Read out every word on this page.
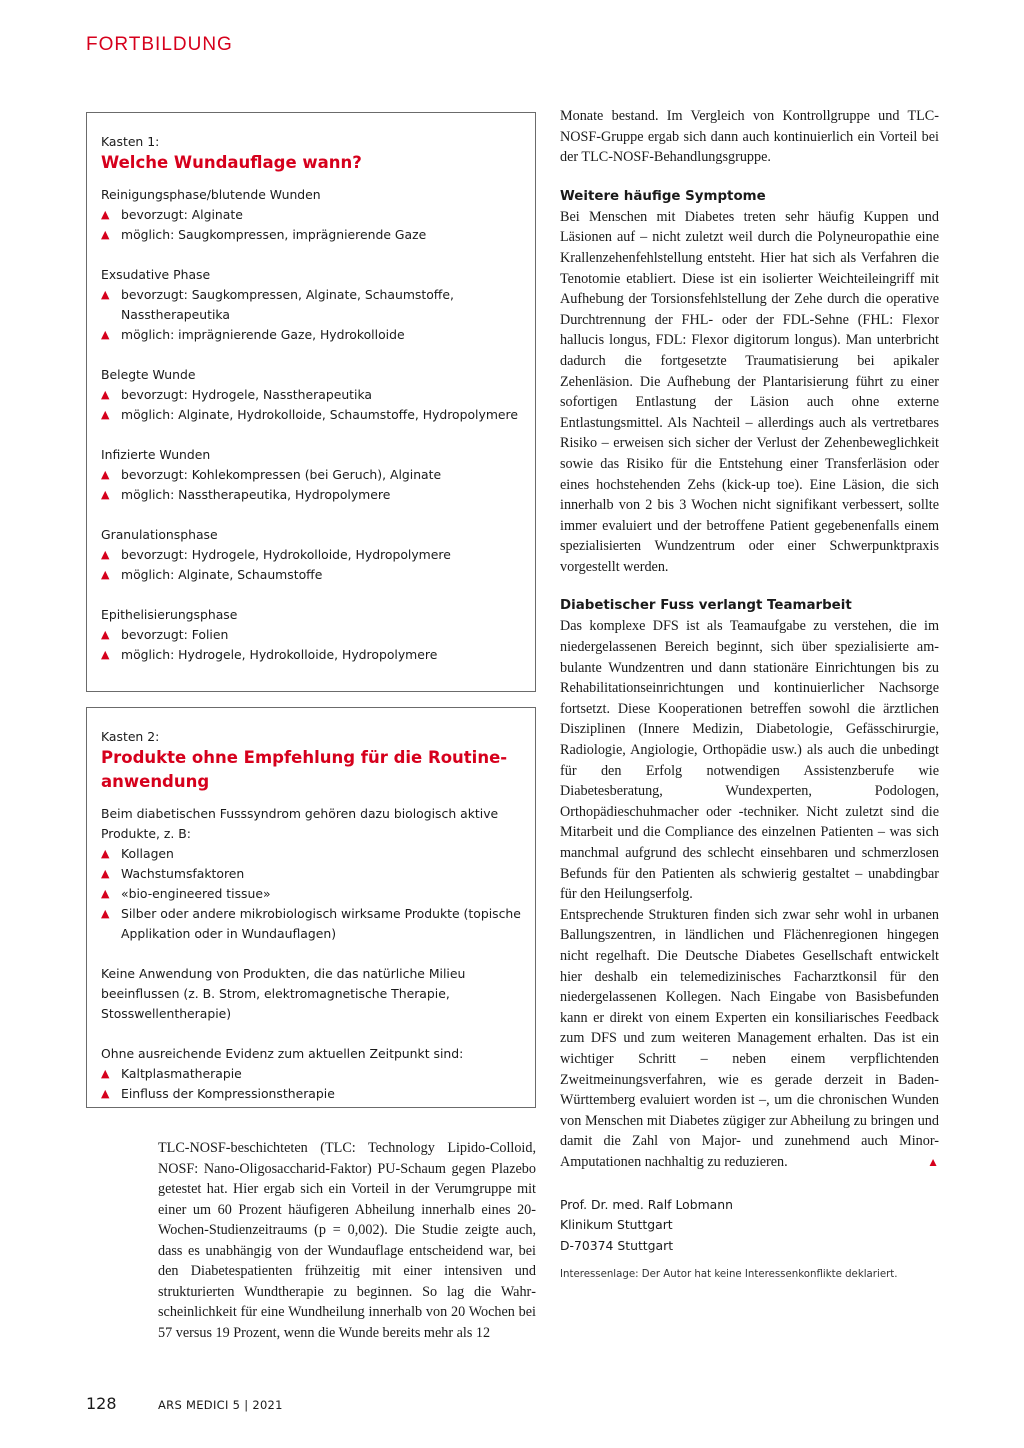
FORTBILDUNG
Kasten 1:
Welche Wundauflage wann?
Reinigungsphase/blutende Wunden
▲ bevorzugt: Alginate
▲ möglich: Saugkompressen, imprägnierende Gaze
Exsudative Phase
▲ bevorzugt: Saugkompressen, Alginate, Schaumstoffe, Nasstherapeutika
▲ möglich: imprägnierende Gaze, Hydrokolloide
Belegte Wunde
▲ bevorzugt: Hydrogele, Nasstherapeutika
▲ möglich: Alginate, Hydrokolloide, Schaumstoffe, Hydropolymere
Infizierte Wunden
▲ bevorzugt: Kohlekompressen (bei Geruch), Alginate
▲ möglich: Nasstherapeutika, Hydropolymere
Granulationsphase
▲ bevorzugt: Hydrogele, Hydrokolloide, Hydropolymere
▲ möglich: Alginate, Schaumstoffe
Epithelisierungsphase
▲ bevorzugt: Folien
▲ möglich: Hydrogele, Hydrokolloide, Hydropolymere
Kasten 2:
Produkte ohne Empfehlung für die Routineanwendung
Beim diabetischen Fusssyndrom gehören dazu biologisch aktive Produkte, z. B:
▲ Kollagen
▲ Wachstumsfaktoren
▲ «bio-engineered tissue»
▲ Silber oder andere mikrobiologisch wirksame Produkte (topische Applikation oder in Wundauflagen)
Keine Anwendung von Produkten, die das natürliche Milieu beeinflussen (z. B. Strom, elektromagnetische Therapie, Stosswellentherapie)
Ohne ausreichende Evidenz zum aktuellen Zeitpunkt sind:
▲ Kaltplasmatherapie
▲ Einfluss der Kompressionstherapie
TLC-NOSF-beschichteten (TLC: Technology Lipido-Colloid, NOSF: Nano-Oligosaccharid-Faktor) PU-Schaum gegen Plazebo getestet hat. Hier ergab sich ein Vorteil in der Verumgruppe mit einer um 60 Prozent häufigeren Abheilung innerhalb eines 20-Wochen-Studienzeitraums (p = 0,002). Die Studie zeigte auch, dass es unabhängig von der Wundauflage entscheidend war, bei den Diabetespatienten frühzeitig mit einer intensiven und strukturierten Wundtherapie zu beginnen. So lag die Wahrscheinlichkeit für eine Wundheilung innerhalb von 20 Wochen bei 57 versus 19 Prozent, wenn die Wunde bereits mehr als 12

Monate bestand. Im Vergleich von Kontrollgruppe und TLC-NOSF-Gruppe ergab sich dann auch kontinuierlich ein Vorteil bei der TLC-NOSF-Behandlungsgruppe.

Weitere häufige Symptome

Bei Menschen mit Diabetes treten sehr häufig Kuppen und Läsionen auf – nicht zuletzt weil durch die Polyneuropathie eine Krallenzehenfehlstellung entsteht. Hier hat sich als Verfahren die Tenotomie etabliert. Diese ist ein isolierter Weichteileingriff mit Aufhebung der Torsionsfehlstellung der Zehe durch die operative Durchtrennung der FHL- oder der FDL-Sehne (FHL: Flexor hallucis longus, FDL: Flexor digitorum longus). Man unterbricht dadurch die fortgesetzte Traumatisierung bei apikaler Zehenläsion. Die Aufhebung der Plantarisierung führt zu einer sofortigen Entlastung der Läsion auch ohne externe Entlastungsmittel. Als Nachteil – allerdings auch als vertretbares Risiko – erweisen sich sicher der Verlust der Zehenbeweglichkeit sowie das Risiko für die Entstehung einer Transferläsion oder eines hochstehenden Zehs (kick-up toe). Eine Läsion, die sich innerhalb von 2 bis 3 Wochen nicht signifikant verbessert, sollte immer evaluiert und der betroffene Patient gegebenenfalls einem spezialisierten Wundzentrum oder einer Schwerpunktpraxis vorgestellt werden.

Diabetischer Fuss verlangt Teamarbeit

Das komplexe DFS ist als Teamaufgabe zu verstehen, die im niedergelassenen Bereich beginnt, sich über spezialisierte ambulante Wundzentren und dann stationäre Einrichtungen bis zu Rehabilitationseinrichtungen und kontinuierlicher Nachsorge fortsetzt. Diese Kooperationen betreffen sowohl die ärztlichen Disziplinen (Innere Medizin, Diabetologie, Gefässchirurgie, Radiologie, Angiologie, Orthopädie usw.) als auch die unbedingt für den Erfolg notwendigen Assistenzberufe wie Diabetesberatung, Wundexperten, Podologen, Orthopädieschuhmacher oder -techniker. Nicht zuletzt sind die Mitarbeit und die Compliance des einzelnen Patienten – was sich manchmal aufgrund des schlecht einsehbaren und schmerzlosen Befunds für den Patienten als schwierig gestaltet – unabdingbar für den Heilungserfolg.

Entsprechende Strukturen finden sich zwar sehr wohl in urbanen Ballungszentren, in ländlichen und Flächenregionen hingegen nicht regelhaft. Die Deutsche Diabetes Gesellschaft entwickelt hier deshalb ein telemedizinisches Facharztkonsil für den niedergelassenen Kollegen. Nach Eingabe von Basisbefunden kann er direkt von einem Experten ein konsiliarisches Feedback zum DFS und zum weiteren Management erhalten. Das ist ein wichtiger Schritt – neben einem verpflichtenden Zweitmeinungsverfahren, wie es gerade derzeit in Baden-Württemberg evaluiert worden ist –, um die chronischen Wunden von Menschen mit Diabetes zügiger zur Abheilung zu bringen und damit die Zahl von Major- und zunehmend auch Minor-Amputationen nachhaltig zu reduzieren.	▲

Prof. Dr. med. Ralf Lobmann
Klinikum Stuttgart
D-70374 Stuttgart
Interessenlage: Der Autor hat keine Interessenkonflikte deklariert.
128	ARS MEDICI 5 | 2021
